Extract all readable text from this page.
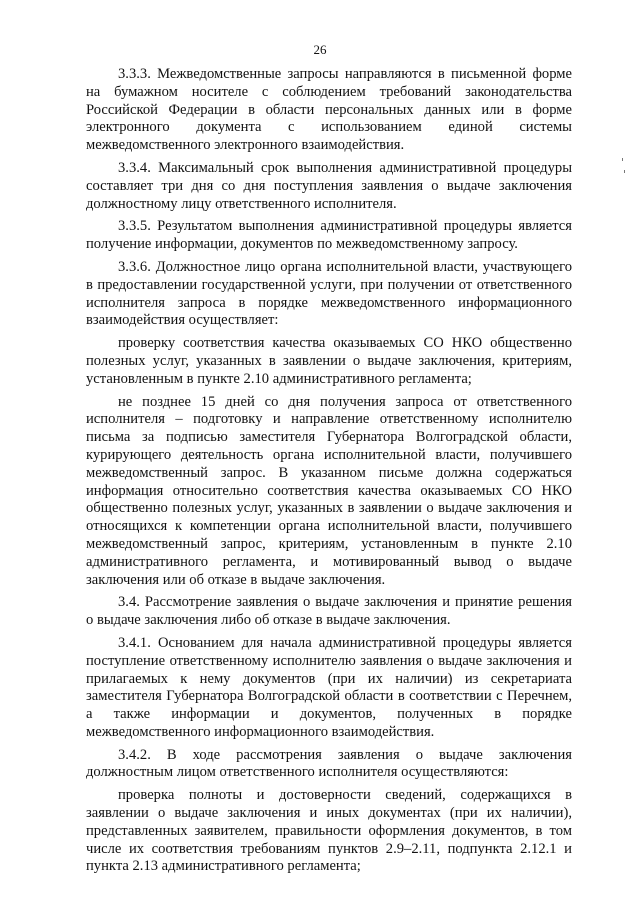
26

3.3.3. Межведомственные запросы направляются в письменной форме на бумажном носителе с соблюдением требований законодательства Российской Федерации в области персональных данных или в форме электронного документа с использованием единой системы межведомственного электронного взаимодействия.

3.3.4. Максимальный срок выполнения административной процедуры составляет три дня со дня поступления заявления о выдаче заключения должностному лицу ответственного исполнителя.

3.3.5. Результатом выполнения административной процедуры является получение информации, документов по межведомственному запросу.

3.3.6. Должностное лицо органа исполнительной власти, участвующего в предоставлении государственной услуги, при получении от ответственного исполнителя запроса в порядке межведомственного информационного взаимодействия осуществляет:

проверку соответствия качества оказываемых СО НКО общественно полезных услуг, указанных в заявлении о выдаче заключения, критериям, установленным в пункте 2.10 административного регламента;

не позднее 15 дней со дня получения запроса от ответственного исполнителя – подготовку и направление ответственному исполнителю письма за подписью заместителя Губернатора Волгоградской области, курирующего деятельность органа исполнительной власти, получившего межведомственный запрос. В указанном письме должна содержаться информация относительно соответствия качества оказываемых СО НКО общественно полезных услуг, указанных в заявлении о выдаче заключения и относящихся к компетенции органа исполнительной власти, получившего межведомственный запрос, критериям, установленным в пункте 2.10 административного регламента, и мотивированный вывод о выдаче заключения или об отказе в выдаче заключения.

3.4. Рассмотрение заявления о выдаче заключения и принятие решения о выдаче заключения либо об отказе в выдаче заключения.

3.4.1. Основанием для начала административной процедуры является поступление ответственному исполнителю заявления о выдаче заключения и прилагаемых к нему документов (при их наличии) из секретариата заместителя Губернатора Волгоградской области в соответствии с Перечнем, а также информации и документов, полученных в порядке межведомственного информационного взаимодействия.

3.4.2. В ходе рассмотрения заявления о выдаче заключения должностным лицом ответственного исполнителя осуществляются:

проверка полноты и достоверности сведений, содержащихся в заявлении о выдаче заключения и иных документах (при их наличии), представленных заявителем, правильности оформления документов, в том числе их соответствия требованиям пунктов 2.9–2.11, подпункта 2.12.1 и пункта 2.13 административного регламента;
